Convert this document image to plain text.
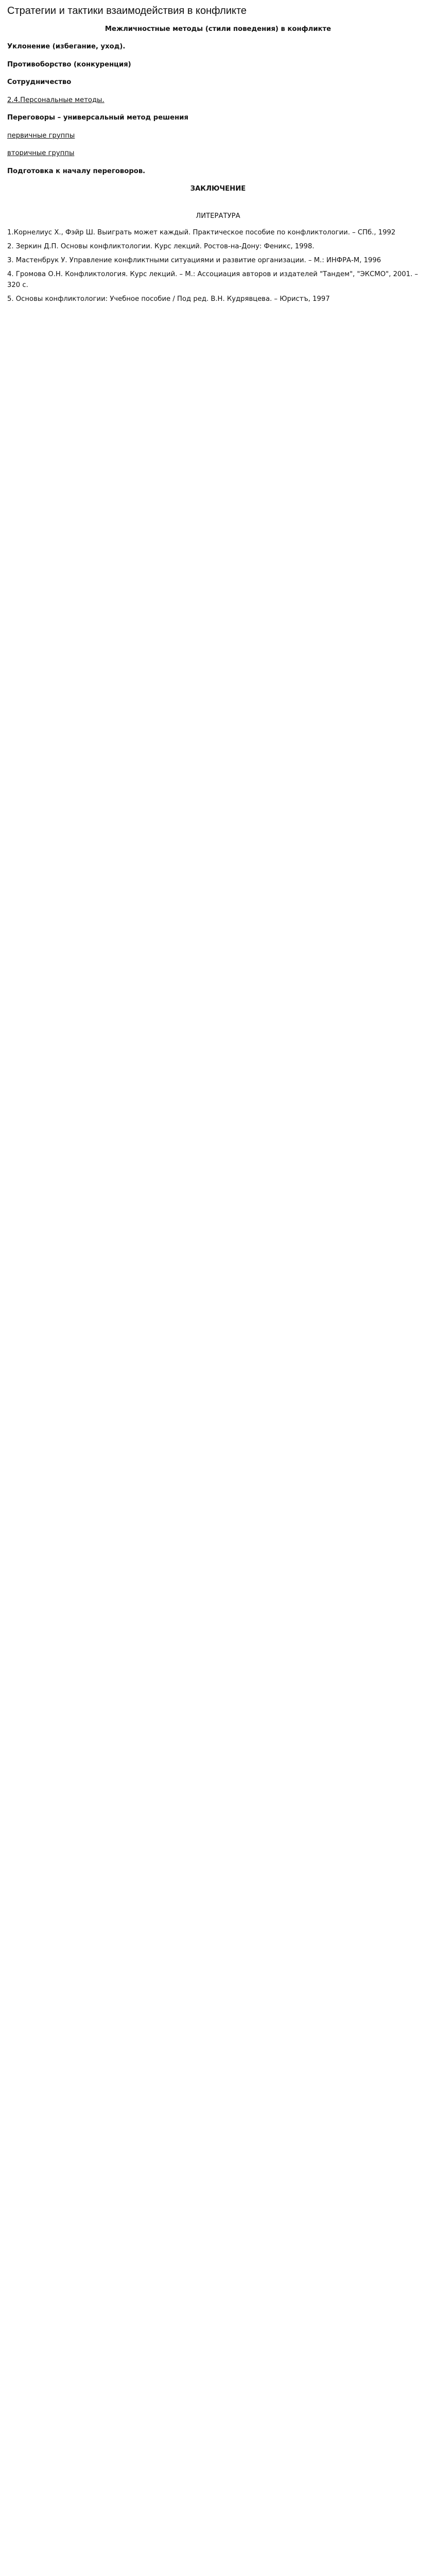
Стратегии и тактики взаимодействия в конфликте
Межличностные методы (стили поведения) в конфликте
Уклонение (избегание, уход).
Противоборство (конкуренция)
Сотрудничество
2.4.Персональные методы.
Переговоры – универсальный метод решения
первичные группы
вторичные группы
Подготовка к началу переговоров.
ЗАКЛЮЧЕНИЕ
ЛИТЕРАТУРА
1.Корнелиус Х., Фэйр Ш. Выиграть может каждый. Практическое пособие по конфликтологии. – СПб., 1992
2. Зеркин Д.П. Основы конфликтологии. Курс лекций. Ростов-на-Дону: Феникс, 1998.
3. Мастенбрук У. Управление конфликтными ситуациями и развитие организации. – М.: ИНФРА-М, 1996
4. Громова О.Н. Конфликтология. Курс лекций. – М.: Ассоциация авторов и издателей "Тандем", "ЭКСМО", 2001. – 320 с.
5. Основы конфликтологии: Учебное пособие / Под ред. В.Н. Кудрявцева. – Юристъ, 1997
